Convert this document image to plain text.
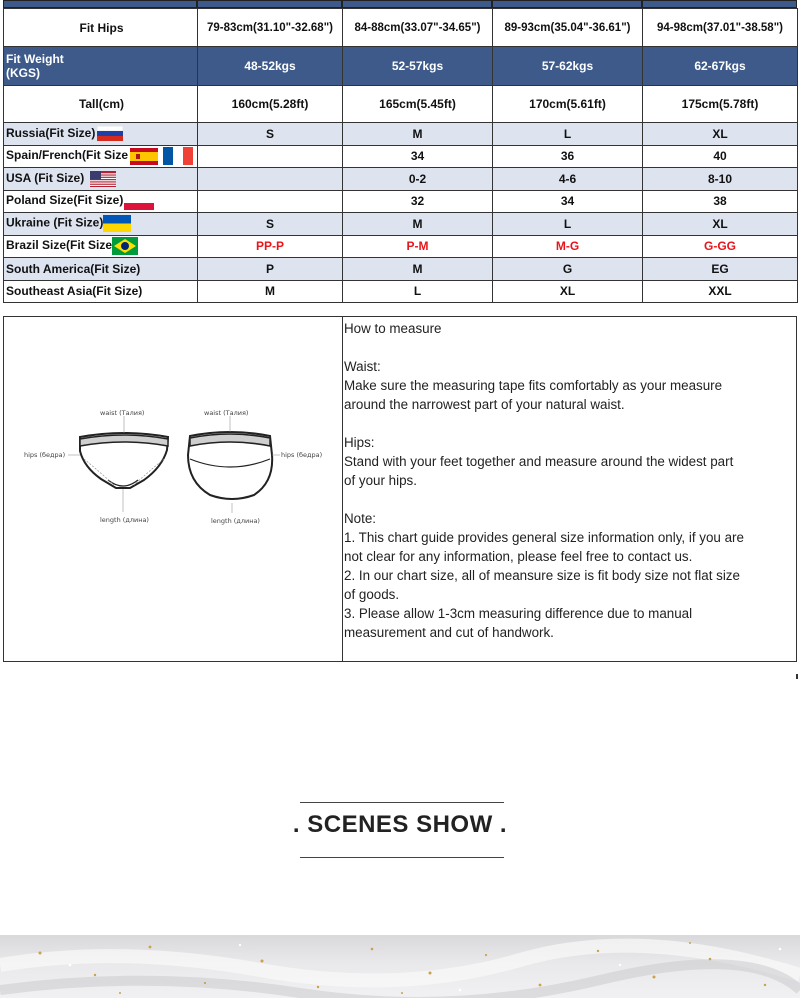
Fit Hips	79-83cm(31.10"-32.68")	84-88cm(33.07"-34.65")	89-93cm(35.04"-36.61")	94-98cm(37.01"-38.58")

Fit Weight
(KGS)	48-52kgs	52-57kgs	57-62kgs	62-67kgs
Tall(cm)	160cm(5.28ft)	165cm(5.45ft)	170cm(5.61ft)	175cm(5.78ft)
Russia(Fit Size)	S	M	L	XL
Spain/French(Fit Size		34	36	40
USA (Fit Size)		0-2	4-6	8-10
Poland Size(Fit Size)		32	34	38
Ukraine (Fit Size)	S	M	L	XL
Brazil Size(Fit Size	PP-P	P-M	M-G	G-GG
South America(Fit Size)	P	M	G	EG
Southeast Asia(Fit Size)	M	L	XL	XXL
waist (Талия)	waist (Талия)
hips (бедра)	hips (бедра)
length (длина)	length (длина)

How to measure

Waist:

Make sure the measuring tape fits comfortably as your measure

around the narrowest part of your natural waist.

Hips:

Stand with your feet together and measure around the widest part

of your hips.

Note:

1. This chart guide provides general size information only, if you are

not clear for any information, please feel free to contact us.

2. In our chart size, all of meansure size is fit body size not flat size

of goods.

3. Please allow 1-3cm measuring difference due to manual

measurement and cut of handwork.

. SCENES SHOW .
